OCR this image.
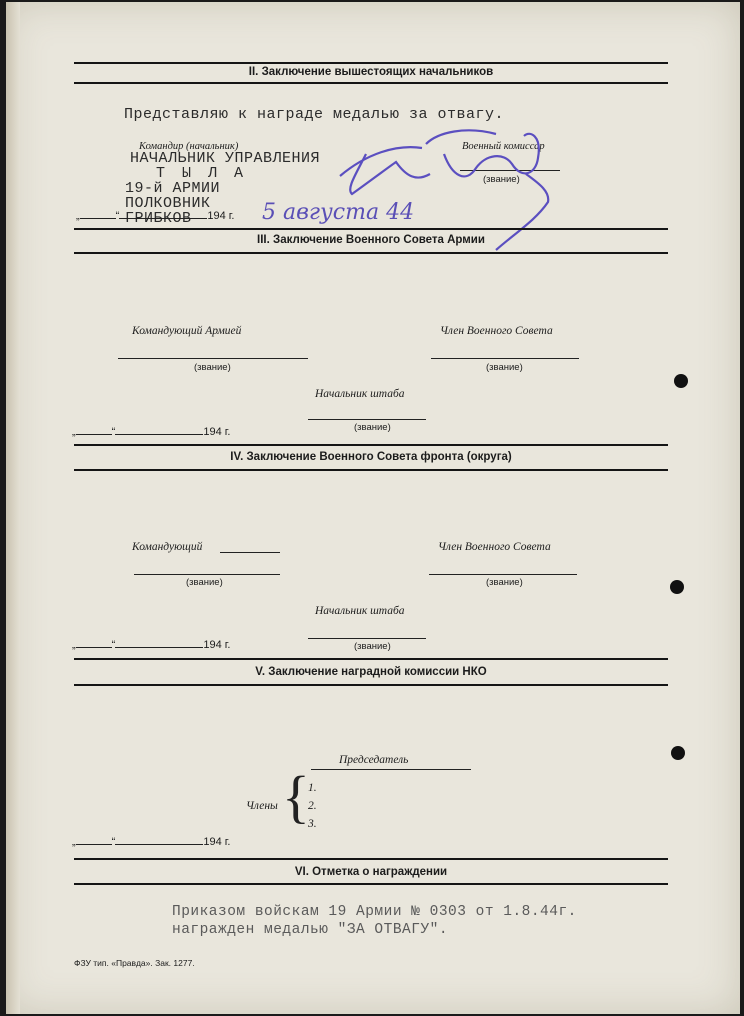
II. Заключение вышестоящих начальников
Представляю к награде медалью за отвагу.
Командир (начальник)	Военный комиссар
НАЧАЛЬНИК УПРАВЛЕНИЯ
Т Ы Л А
19-й АРМИИ
ПОЛКОВНИК
ГРИБКОВ
(звание)
„	“	194 г. 5 августа 44
III. Заключение Военного Совета Армии
Командующий Армией	Член Военного Совета
(звание)	(звание)
Начальник штаба
(звание)
„	“	194 г.
IV. Заключение Военного Совета фронта (округа)
Командующий	Член Военного Совета
(звание)	(звание)
Начальник штаба
(звание)
„	“	194 г.
V. Заключение наградной комиссии НКО
Председатель
Члены {
1.
2.
3.
„	“	194 г.
VI. Отметка о награждении
Приказом войскам 19 Армии № 0303 от 1.8.44г.
награжден медалью "ЗА ОТВАГУ".
ФЗУ тип. «Правда». Зак. 1277.
